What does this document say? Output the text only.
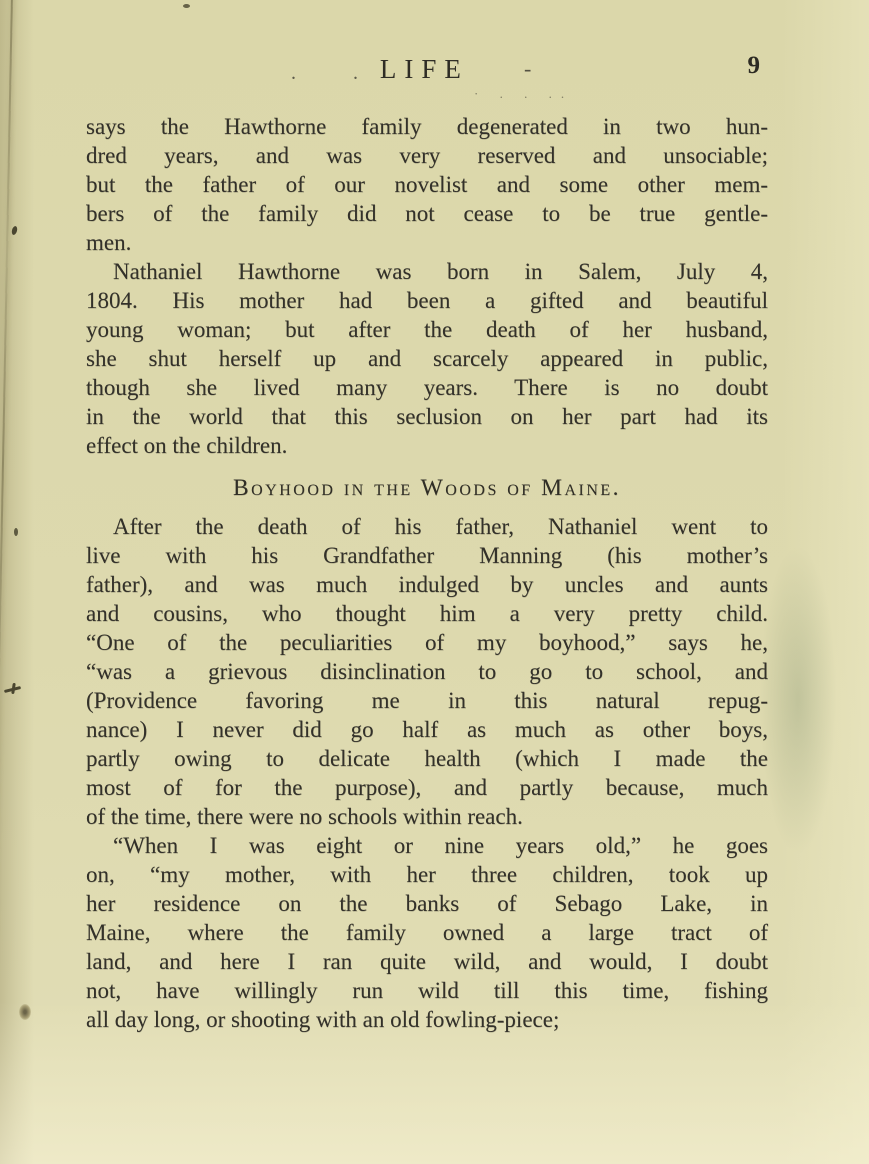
. .
LIFE	-
· . . ..
9
says the Hawthorne family degenerated in two hun-
dred years, and was very reserved and unsociable;
but the father of our novelist and some other mem-
bers of the family did not cease to be true gentle-
men.
Nathaniel Hawthorne was born in Salem, July 4,
1804. His mother had been a gifted and beautiful
young woman; but after the death of her husband,
she shut herself up and scarcely appeared in public,
though she lived many years. There is no doubt
in the world that this seclusion on her part had its
effect on the children.
Boyhood in the Woods of Maine.
After the death of his father, Nathaniel went to
live with his Grandfather Manning (his mother’s
father), and was much indulged by uncles and aunts
and cousins, who thought him a very pretty child.
“One of the peculiarities of my boyhood,” says he,
“was a grievous disinclination to go to school, and
(Providence favoring me in this natural repug-
nance) I never did go half as much as other boys,
partly owing to delicate health (which I made the
most of for the purpose), and partly because, much
of the time, there were no schools within reach.
“When I was eight or nine years old,” he goes
on, “my mother, with her three children, took up
her residence on the banks of Sebago Lake, in
Maine, where the family owned a large tract of
land, and here I ran quite wild, and would, I doubt
not, have willingly run wild till this time, fishing
all day long, or shooting with an old fowling-piece;
